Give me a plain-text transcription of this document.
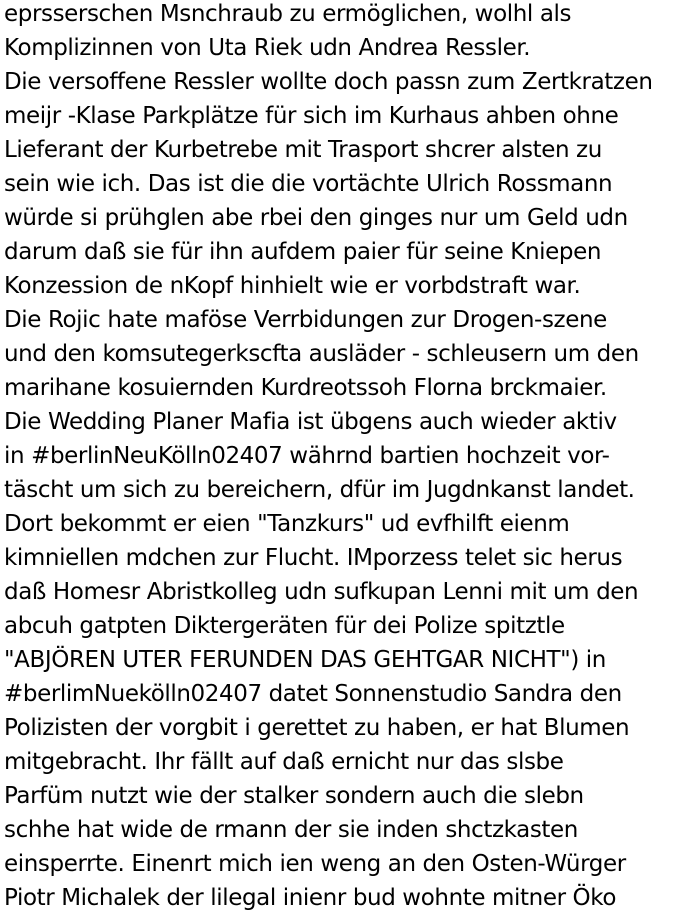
eprsserschen Msnchraub zu ermöglichen, wolhl als
Komplizinnen von Uta Riek udn Andrea Ressler.
Die versoffene Ressler wollte doch passn zum Zertkratzen
meijr -Klase Parkplätze für sich im Kurhaus ahben ohne
Lieferant der Kurbetrebe mit Trasport shcrer alsten zu
sein wie ich. Das ist die die vortächte Ulrich Rossmann
würde si prühglen abe rbei den ginges nur um Geld udn
darum daß sie für ihn aufdem paier für seine Kniepen
Konzession de nKopf hinhielt wie er vorbdstraft war.
Die Rojic hate maföse Verrbidungen zur Drogen-szene
und den komsutegerkscfta ausläder - schleusern um den
marihane kosuiernden Kurdreotssoh Florna brckmaier.
Die Wedding Planer Mafia ist übgens auch wieder aktiv
in #berlinNeuKölln02407 währnd bartien hochzeit vor-
täscht um sich zu bereichern, dfür im Jugdnkanst landet.
Dort bekommt er eien "Tanzkurs" ud evfhilft eienm
kimniellen mdchen zur Flucht. IMporzess telet sic herus
daß Homesr Abristkolleg udn sufkupan Lenni mit um den
abcuh gatpten Diktergeräten für dei Polize spitztle
"ABJÖREN UTER FERUNDEN DAS GEHTGAR NICHT") in
#berlimNuekölln02407 datet Sonnenstudio Sandra den
Polizisten der vorgbit i gerettet zu haben, er hat Blumen
mitgebracht. Ihr fällt auf daß ernicht nur das slsbe
Parfüm nutzt wie der stalker sondern auch die slebn
schhe hat wide de rmann der sie inden shctzkasten
einsperrte. Einenrt mich ien weng an den Osten-Würger
Piotr Michalek der lilegal inienr bud wohnte mitner Öko
